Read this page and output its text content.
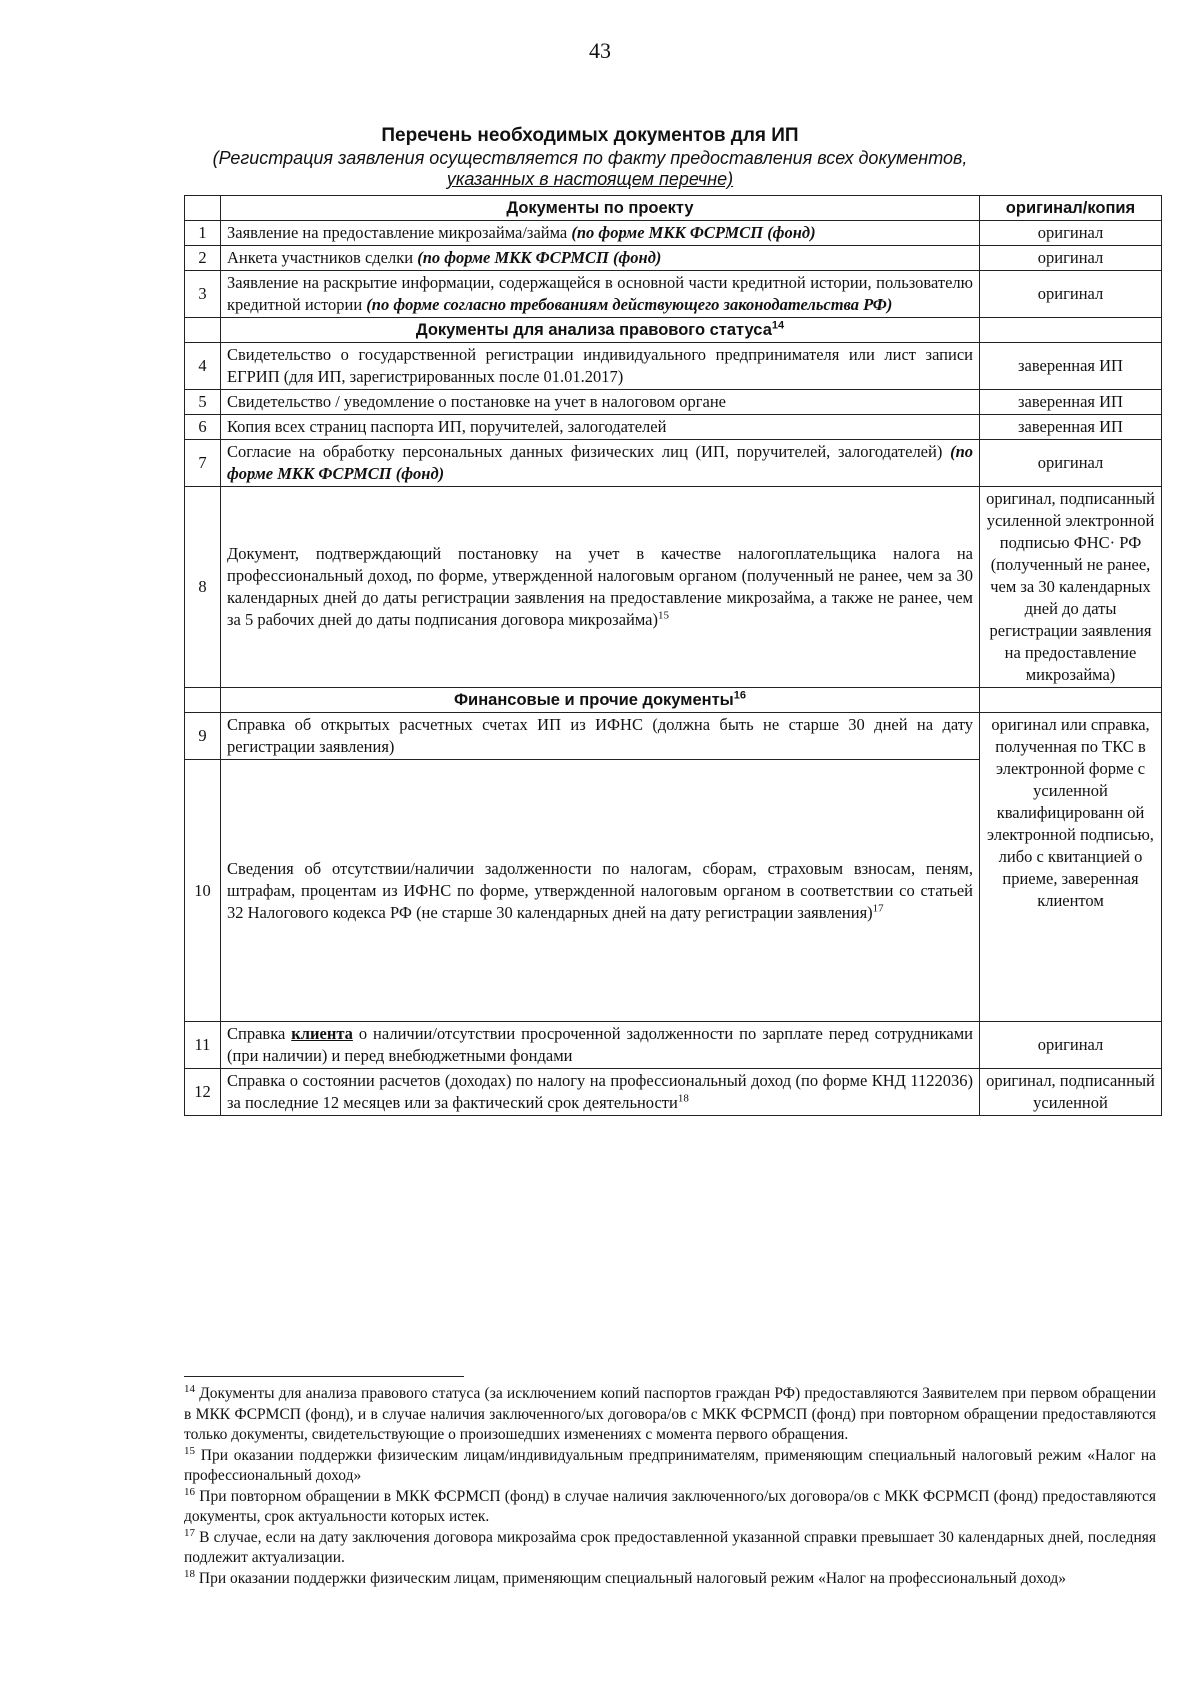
43
Перечень необходимых документов для ИП
(Регистрация заявления осуществляется по факту предоставления всех документов,
указанных в настоящем перечне)
	Документы по проекту	оригинал/копия
1	Заявление на предоставление микрозайма/займа (по форме МКК ФСРМСП (фонд)	оригинал
2	Анкета участников сделки (по форме МКК ФСРМСП (фонд)	оригинал
3	Заявление на раскрытие информации, содержащейся в основной части кредитной истории, пользователю кредитной истории (по форме согласно требованиям действующего законодательства РФ)	оригинал
	Документы для анализа правового статуса$^{14}$	
4	Свидетельство о государственной регистрации индивидуального предпринимателя или лист записи ЕГРИП (для ИП, зарегистрированных после 01.01.2017)	заверенная ИП
5	Свидетельство / уведомление о постановке на учет в налоговом органе	заверенная ИП
6	Копия всех страниц паспорта ИП, поручителей, залогодателей	заверенная ИП
7	Согласие на обработку персональных данных физических лиц (ИП, поручителей, залогодателей) (по форме МКК ФСРМСП (фонд)	оригинал
8	Документ, подтверждающий постановку на учет в качестве налогоплательщика налога на профессиональный доход, по форме, утвержденной налоговым органом (полученный не ранее, чем за 30 календарных дней до даты регистрации заявления на предоставление микрозайма, а также не ранее, чем за 5 рабочих дней до даты подписания договора микрозайма)$^{15}$	оригинал, подписанный усиленной электронной подписью ФНС· РФ (полученный не ранее, чем за 30 календарных дней до даты регистрации заявления на предоставление микрозайма)
	Финансовые и прочие документы$^{16}$	
9	Справка об открытых расчетных счетах ИП из ИФНС (должна быть не старше 30 дней на дату регистрации заявления)	оригинал или справка, полученная по ТКС в электронной форме с усиленной квалифицированн ой электронной подписью, либо с квитанцией о приеме, заверенная клиентом
10	Сведения об отсутствии/наличии задолженности по налогам, сборам, страховым взносам, пеням, штрафам, процентам из ИФНС по форме, утвержденной налоговым органом в соответствии со статьей 32 Налогового кодекса РФ (не старше 30 календарных дней на дату регистрации заявления)$^{17}$
11	Справка клиента о наличии/отсутствии просроченной задолженности по зарплате перед сотрудниками (при наличии) и перед внебюджетными фондами	оригинал
12	Справка о состоянии расчетов (доходах) по налогу на профессиональный доход (по форме КНД 1122036) за последние 12 месяцев или за фактический срок деятельности$^{18}$	оригинал, подписанный усиленной

$^{14}$ Документы для анализа правового статуса (за исключением копий паспортов граждан РФ) предоставляются Заявителем при первом обращении в МКК ФСРМСП (фонд), и в случае наличия заключенного/ых договора/ов с МКК ФСРМСП (фонд) при повторном обращении предоставляются только документы, свидетельствующие о произошедших изменениях с момента первого обращения.

$^{15}$ При оказании поддержки физическим лицам/индивидуальным предпринимателям, применяющим специальный налоговый режим «Налог на профессиональный доход»

$^{16}$ При повторном обращении в МКК ФСРМСП (фонд) в случае наличия заключенного/ых договора/ов с МКК ФСРМСП (фонд) предоставляются документы, срок актуальности которых истек.

$^{17}$ В случае, если на дату заключения договора микрозайма срок предоставленной указанной справки превышает 30 календарных дней, последняя подлежит актуализации.

$^{18}$ При оказании поддержки физическим лицам, применяющим специальный налоговый режим «Налог на профессиональный доход»
